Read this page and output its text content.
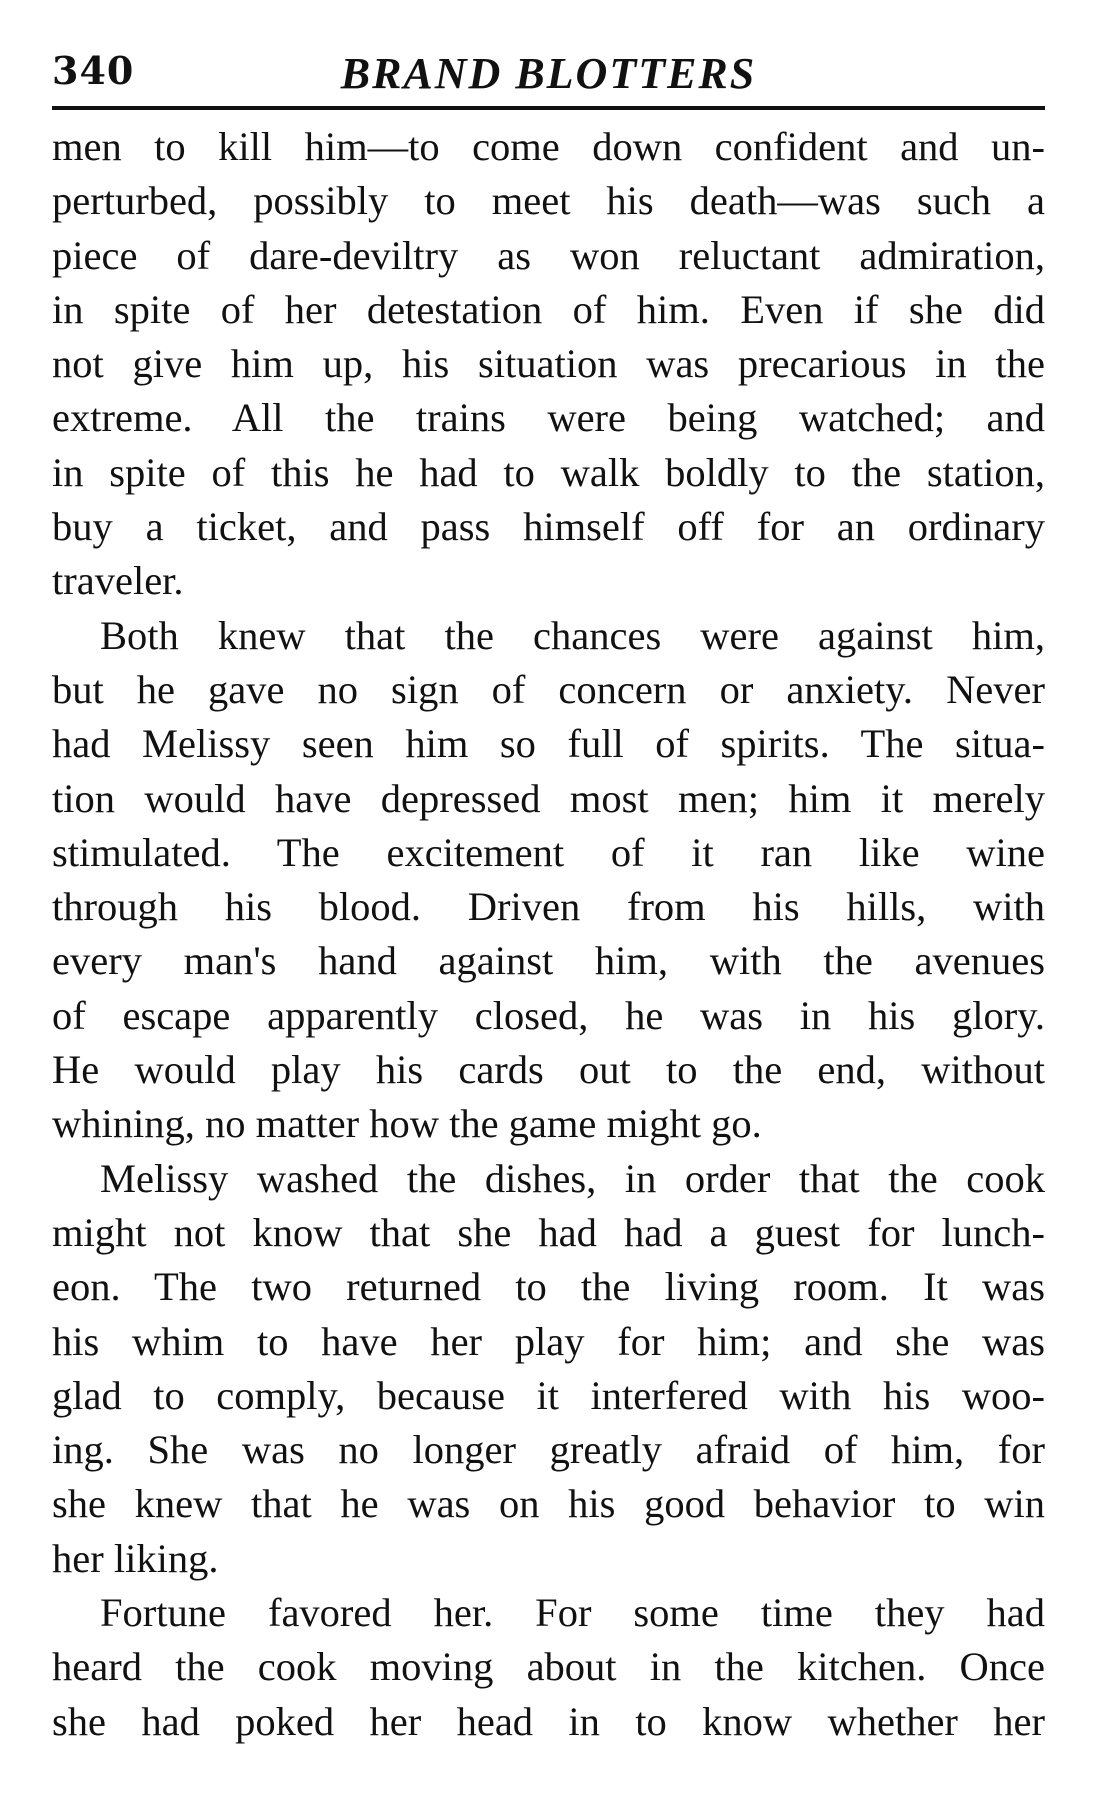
340	BRAND BLOTTERS
men to kill him—to come down confident and un-
perturbed, possibly to meet his death—was such a
piece of dare-deviltry as won reluctant admiration,
in spite of her detestation of him. Even if she did
not give him up, his situation was precarious in the
extreme. All the trains were being watched; and
in spite of this he had to walk boldly to the station,
buy a ticket, and pass himself off for an ordinary
traveler.
Both knew that the chances were against him,
but he gave no sign of concern or anxiety. Never
had Melissy seen him so full of spirits. The situa-
tion would have depressed most men; him it merely
stimulated. The excitement of it ran like wine
through his blood. Driven from his hills, with
every man's hand against him, with the avenues
of escape apparently closed, he was in his glory.
He would play his cards out to the end, without
whining, no matter how the game might go.
Melissy washed the dishes, in order that the cook
might not know that she had had a guest for lunch-
eon. The two returned to the living room. It was
his whim to have her play for him; and she was
glad to comply, because it interfered with his woo-
ing. She was no longer greatly afraid of him, for
she knew that he was on his good behavior to win
her liking.
Fortune favored her. For some time they had
heard the cook moving about in the kitchen. Once
she had poked her head in to know whether her
